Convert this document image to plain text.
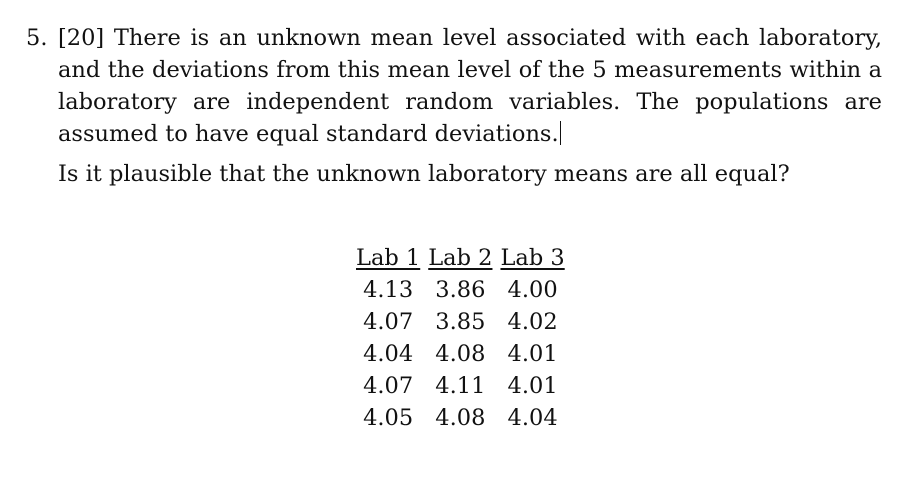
5. [20] There is an unknown mean level associated with each laboratory, and the deviations from this mean level of the 5 measurements within a laboratory are independent random variables. The populations are assumed to have equal standard deviations.
Is it plausible that the unknown laboratory means are all equal?
Lab 1	Lab 2	Lab 3
4.13	3.86	4.00
4.07	3.85	4.02
4.04	4.08	4.01
4.07	4.11	4.01
4.05	4.08	4.04
